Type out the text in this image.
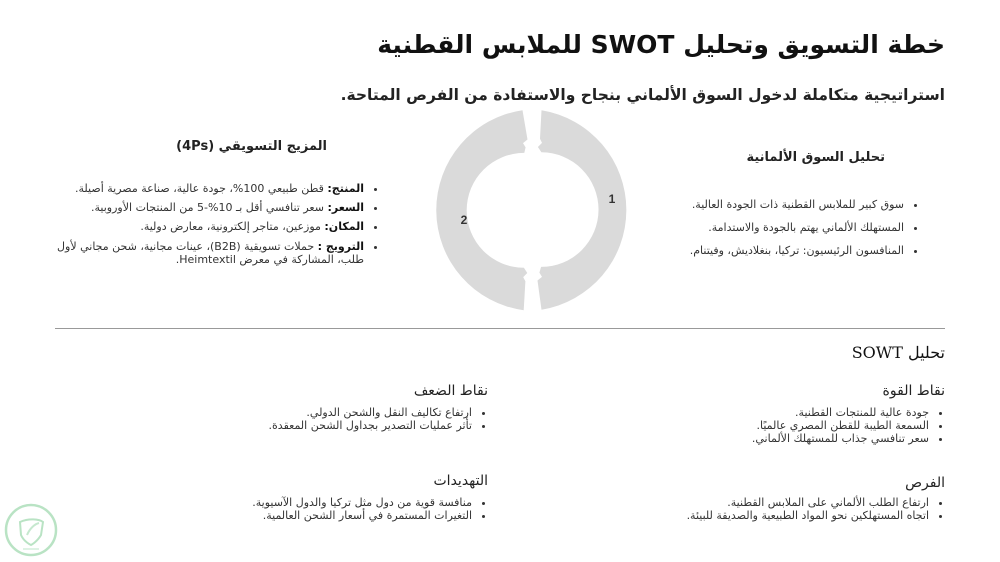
خطة التسويق وتحليل SWOT للملابس القطنية
استراتيجية متكاملة لدخول السوق الألماني بنجاح والاستفادة من الفرص المتاحة.
تحليل السوق الألمانية
• سوق كبير للملابس القطنية ذات الجودة العالية.
• المستهلك الألماني يهتم بالجودة والاستدامة.
• المنافسون الرئيسيون: تركيا، بنغلاديش، وفيتنام.
1
2
المزيج التسويقي (4Ps)
• المنتج: قطن طبيعي 100%، جودة عالية، صناعة مصرية أصيلة.
• السعر: سعر تنافسي أقل بـ 10%-5 من المنتجات الأوروبية.
• المكان: موزعين، متاجر إلكترونية، معارض دولية.
• الترويج : حملات تسويقية (B2B)، عينات مجانية، شحن مجاني لأول طلب، المشاركة في معرض Heimtextil.
تحليل SOWT
نقاط القوة
• جودة عالية للمنتجات القطنية.
• السمعة الطيبة للقطن المصري عالميًا.
• سعر تنافسي جذاب للمستهلك الألماني.
الفرص
• ارتفاع الطلب الألماني على الملابس القطنية.
• اتجاه المستهلكين نحو المواد الطبيعية والصديقة للبيئة.
نقاط الضعف
• ارتفاع تكاليف النقل والشحن الدولي.
• تأثر عمليات التصدير بجداول الشحن المعقدة.
التهديدات
• منافسة قوية من دول مثل تركيا والدول الآسيوية.
• التغيرات المستمرة في أسعار الشحن العالمية.
